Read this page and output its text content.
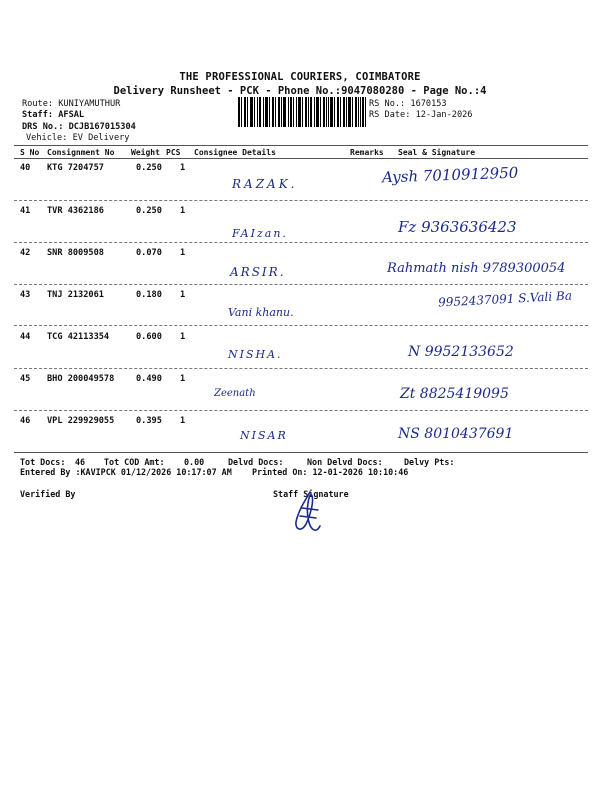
THE PROFESSIONAL COURIERS, COIMBATORE
Delivery Runsheet - PCK - Phone No.:9047080280 - Page No.:4
Route: KUNIYAMUTHUR
Staff: AFSAL
DRS No.: DCJB167015304
Vehicle: EV Delivery
RS No.: 1670153
RS Date: 12-Jan-2026
S No Consignment No Weight PCS Consignee Details	Remarks Seal & Signature
40 KTG 7204757	0.250 1
RAZAK.	Aysh 7010912950
41 TVR 4362186	0.250 1
FAIzan.	Fz 9363636423
42 SNR 8009508	0.070 1
ARSIR.	Rahmath nish 9789300054
43 TNJ 2132061	0.180 1
Vani khanu.
9952437091 S.Vali Ba
44 TCG 42113354	0.600 1
NISHA.	N 9952133652
45 BHO 200049578	0.490 1
Zeenath	Zt 8825419095
46 VPL 229929055	0.395 1
NISAR	NS 8010437691
Tot Docs: 46 Tot COD Amt: 0.00	Delvd Docs:	Non Delvd Docs:	Delvy Pts:
Entered By :KAVIPCK 01/12/2026 10:17:07 AM Printed On: 12-01-2026 10:10:46
Verified By	Staff Signature
